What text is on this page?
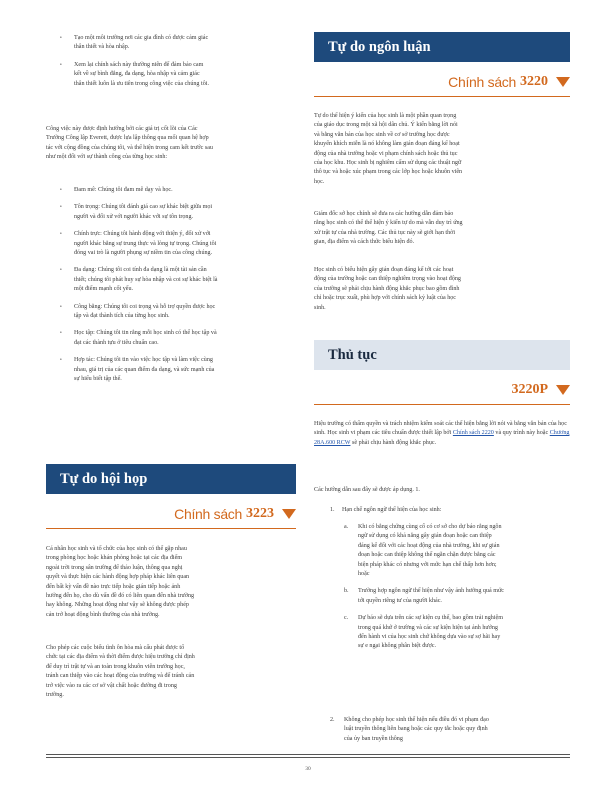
• Tạo một môi trường nơi các gia đình có được cảm giác thân thiết và hòa nhập.
• Xem lại chính sách này thường niên để đảm bảo cam kết về sự bình đẳng, đa dạng, hòa nhập và cảm giác thân thiết luôn là ưu tiên trong công việc của chúng tôi.
Công việc này được định hướng bởi các giá trị cốt lõi của Các Trường Công lập Everett, được lựa lập thông qua mối quan hệ hợp tác với cộng đồng của chúng tôi, và thể hiện trong cam kết trước sau như một đối với sự thành công của từng học sinh:
• Đam mê: Chúng tôi đam mê dạy và học.
• Tôn trọng: Chúng tôi đánh giá cao sự khác biệt giữa mọi người và đối xử với người khác với sự tôn trọng.
• Chính trực: Chúng tôi hành động với thiện ý, đối xử với người khác bằng sự trung thực và lòng tự trọng. Chúng tôi đóng vai trò là người phụng sự niềm tin của công chúng.
• Đa dạng: Chúng tôi coi tính đa dạng là một tài sản cần thiết; chúng tôi phát huy sự hòa nhập và coi sự khác biệt là một điểm mạnh cốt yếu.
• Công bằng: Chúng tôi coi trọng và hỗ trợ quyền được học tập và đạt thành tích của từng học sinh.
• Học tập: Chúng tôi tin rằng mỗi học sinh có thể học tập và đạt các thành tựu ở tiêu chuẩn cao.
• Hợp tác: Chúng tôi tin vào việc học tập và làm việc cùng nhau, giá trị của các quan điểm đa dạng, và sức mạnh của sự hiểu biết tập thể.
Tự do hội họp
Chính sách 3223
Cá nhân học sinh và tổ chức của học sinh có thể gặp nhau trong phòng học hoặc khán phòng hoặc tại các địa điểm ngoài trời trong sân trường để thảo luận, thông qua nghị quyết và thực hiện các hành động hợp pháp khác liên quan đến bất kỳ vấn đề nào trực tiếp hoặc gián tiếp hoặc ảnh hưởng đến họ, cho dù vấn đề đó có liên quan đến nhà trường hay không. Những hoạt động như vậy sẽ không được phép cản trở hoạt động bình thường của nhà trường.
Cho phép các cuộc biểu tình ôn hòa mà cấu phát được tổ chức tại các địa điểm và thời điểm được hiệu trưởng chỉ định để duy trì trật tự và an toàn trong khuôn viên trường học, tránh can thiệp vào các hoạt động của trường và để tránh cản trở việc vào ra các cơ sở vật chất hoặc đường đi trong trường.
Tự do ngôn luận
Chính sách 3220
Tự do thể hiện ý kiến của học sinh là một phần quan trọng của giáo dục trong một xã hội dân chủ. Ý kiến bằng lời nói và bằng văn bản của học sinh về cơ sở trường học được khuyến khích miễn là nó không làm gián đoạn đáng kể hoạt động của nhà trường hoặc vi phạm chính sách hoặc thủ tục của học khu. Học sinh bị nghiêm cấm sử dụng các thuật ngữ thô tục và hoặc xúc phạm trong các lớp học hoặc khuôn viên học.
Giám đốc sở học chính sẽ đưa ra các hướng dẫn đảm bảo rằng học sinh có thể thể hiện ý kiến tự do mà vẫn duy trì ứng xử trật tự của nhà trường. Các thủ tục này sẽ giới hạn thời gian, địa điểm và cách thức biểu hiện đó.
Học sinh có biểu hiện gây gián đoạn đáng kể tới các hoạt động của trường hoặc can thiệp nghiêm trọng vào hoạt động của trường sẽ phải chịu hành động khắc phục bao gồm đình chỉ hoặc trục xuất, phù hợp với chính sách kỷ luật của học sinh.
Thủ tục
3220P
Hiệu trưởng có thẩm quyền và trách nhiệm kiểm soát các thể hiện bằng lời nói và bằng văn bản của học sinh. Học sinh vi phạm các tiêu chuẩn được thiết lập bởi Chính sách 2220 và quy trình này hoặc Chương 28A.600 RCW sẽ phải chịu hành động khắc phục.
Các hướng dẫn sau đây sẽ được áp dụng. 1.
1. Hạn chế ngôn ngữ thể hiện của học sinh:
a. Khi có bằng chứng cùng cố có cơ sở cho dự báo rằng ngôn ngữ sử dụng có khả năng gây gián đoạn hoặc can thiệp đáng kể đối với các hoạt động của nhà trường, khi sự gián đoạn hoặc can thiệp không thể ngăn chặn được bằng các biện pháp khác có nhưng với mức hạn chế thấp hơn hơn; hoặc
b. Trường hợp ngôn ngữ thể hiện như vậy ảnh hưởng quá mức tới quyền riêng tư của người khác.
c. Dự báo sẽ dựa trên các sự kiện cụ thể, bao gồm trải nghiệm trong quá khứ ở trường và các sự kiện hiện tại ảnh hưởng đến hành vi của học sinh chứ không dựa vào sự sợ hãi hay sự e ngại không phân biệt được.
2. Không cho phép học sinh thể hiện nếu điều đó vi phạm đạo luật truyền thông liên bang hoặc các quy tắc hoặc quy định của ủy ban truyền thông
30
